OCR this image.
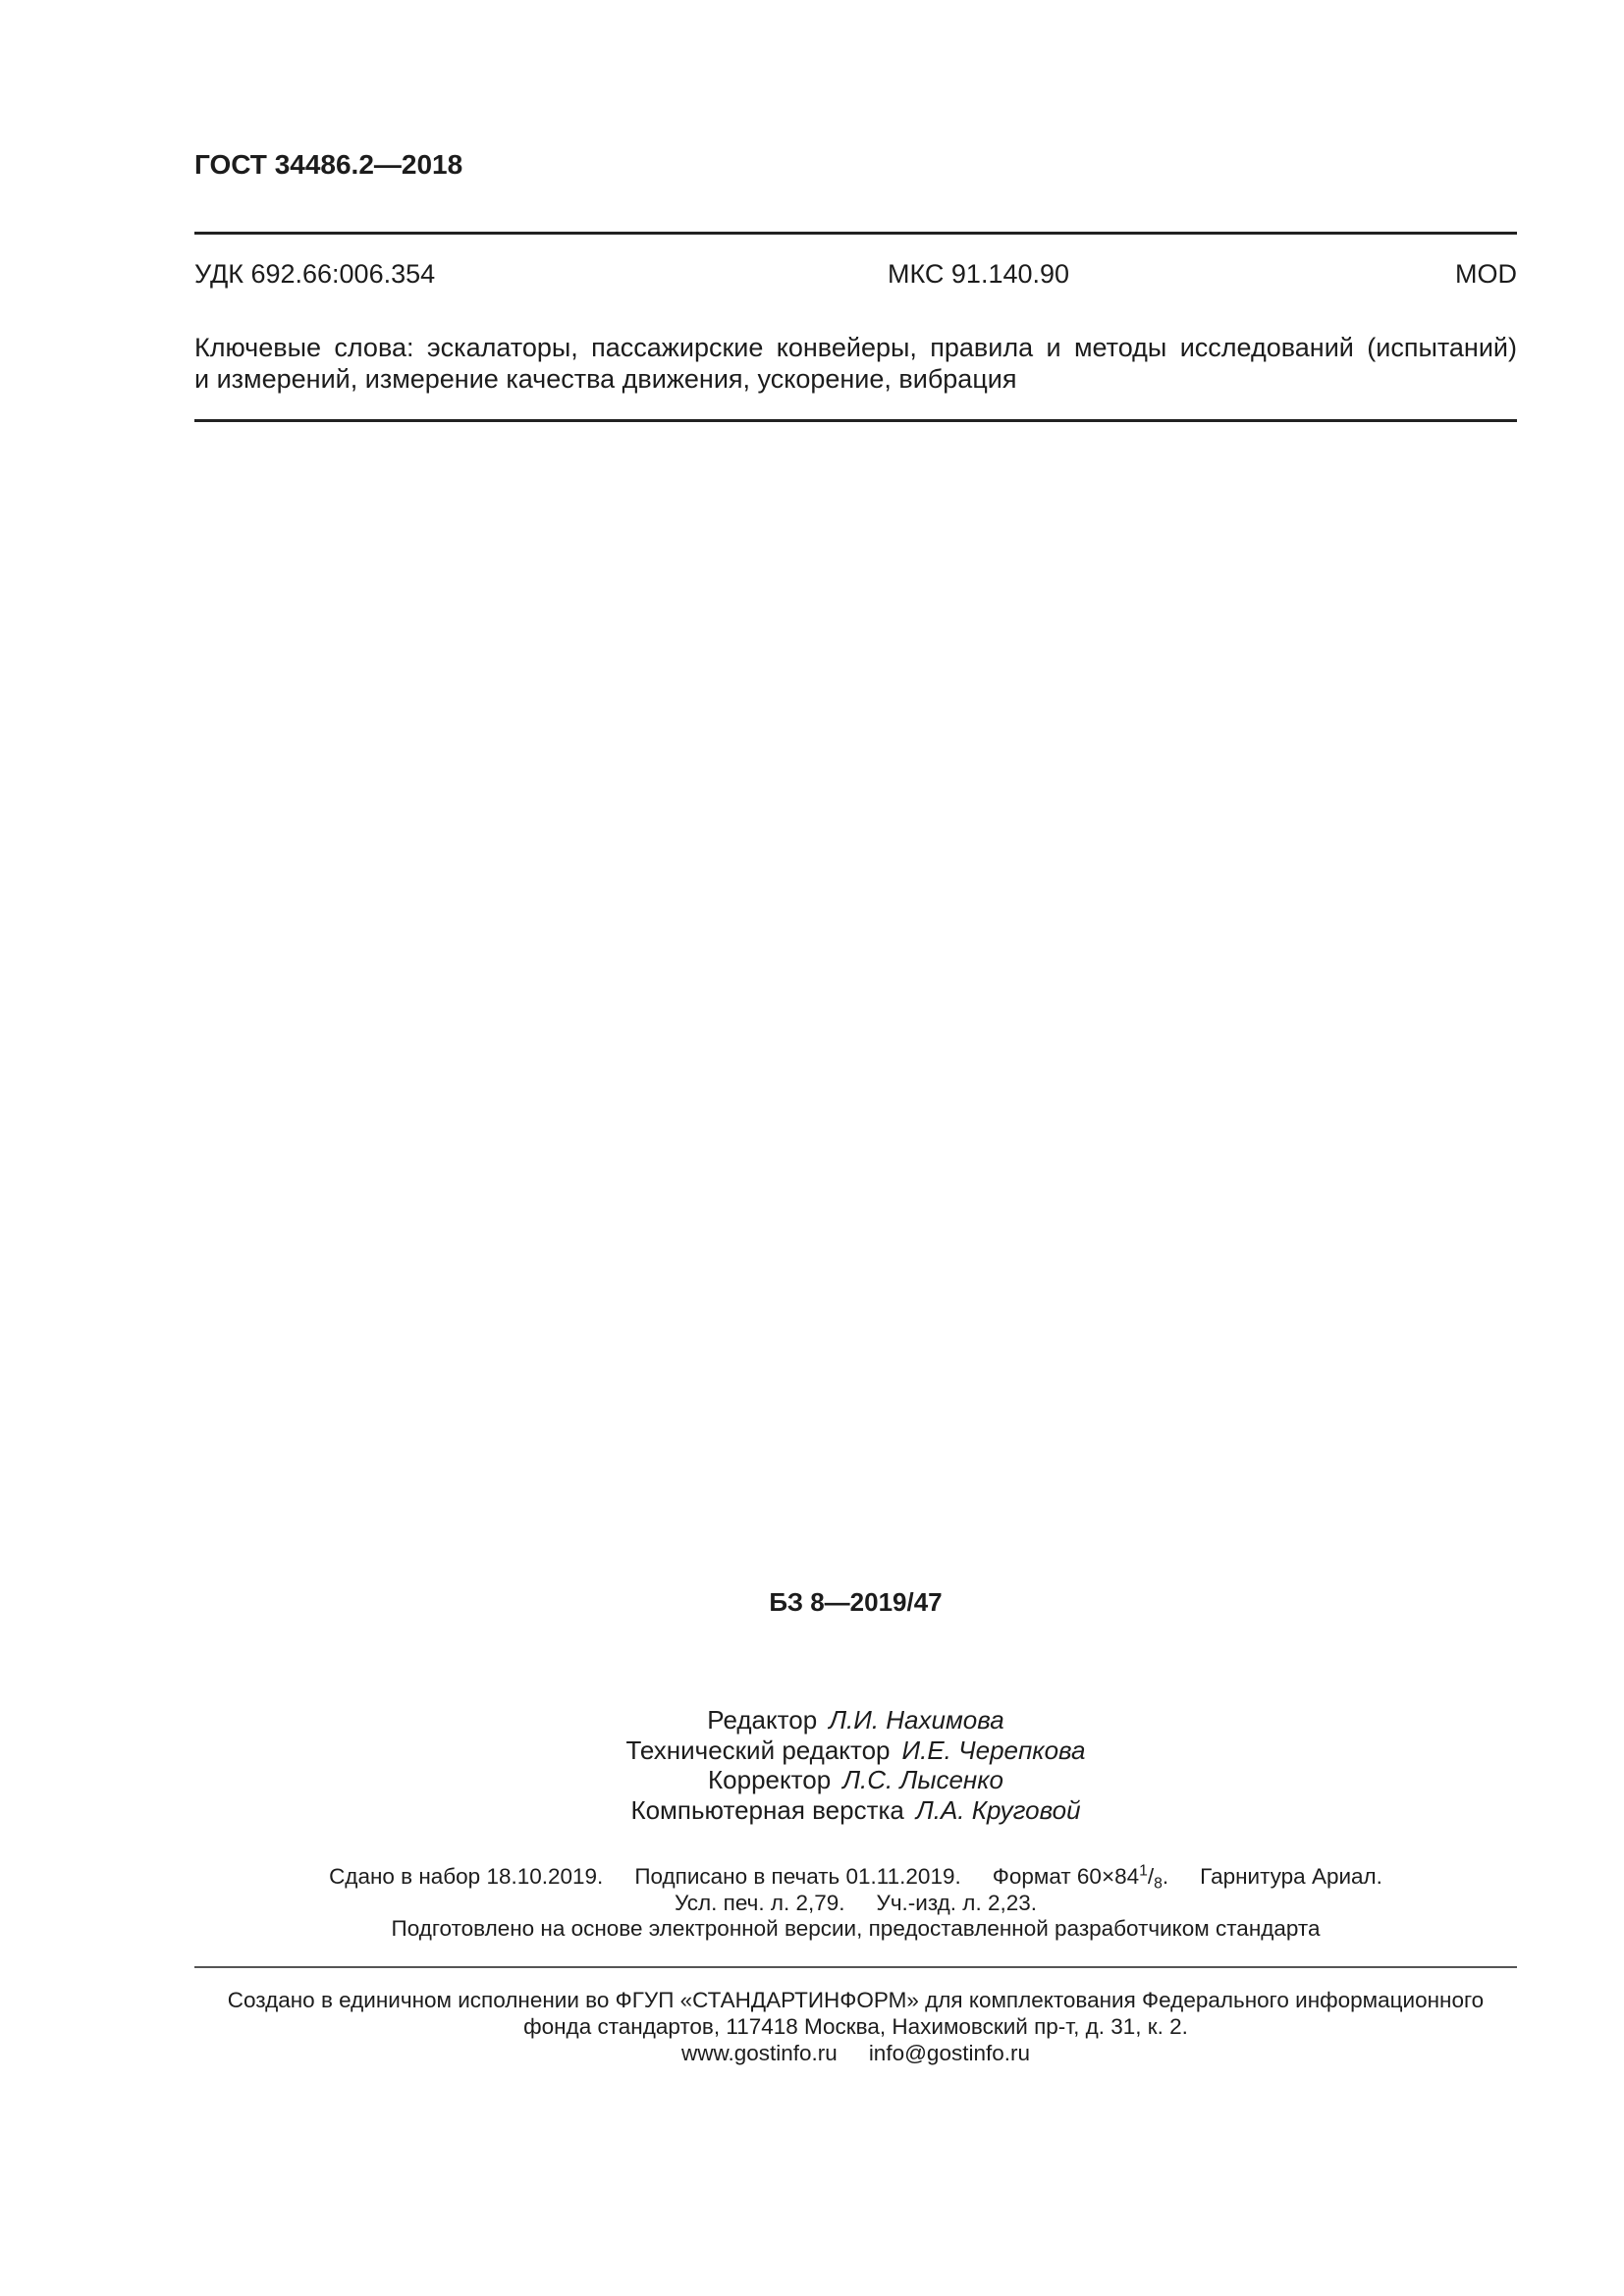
ГОСТ 34486.2—2018
УДК 692.66:006.354	МКС 91.140.90	MOD
Ключевые слова: эскалаторы, пассажирские конвейеры, правила и методы исследований (испытаний)
и измерений, измерение качества движения, ускорение, вибрация
БЗ 8—2019/47
Редактор Л.И. Нахимова
Технический редактор И.Е. Черепкова
Корректор Л.С. Лысенко
Компьютерная верстка Л.А. Круговой
Сдано в набор 18.10.2019. Подписано в печать 01.11.2019. Формат $60\times 84^1/_8$. Гарнитура Ариал.
Усл. печ. л. 2,79. Уч.-изд. л. 2,23.
Подготовлено на основе электронной версии, предоставленной разработчиком стандарта
Создано в единичном исполнении во ФГУП «СТАНДАРТИНФОРМ» для комплектования Федерального информационного
фонда стандартов, 117418 Москва, Нахимовский пр-т, д. 31, к. 2.
www.gostinfo.ru info@gostinfo.ru
